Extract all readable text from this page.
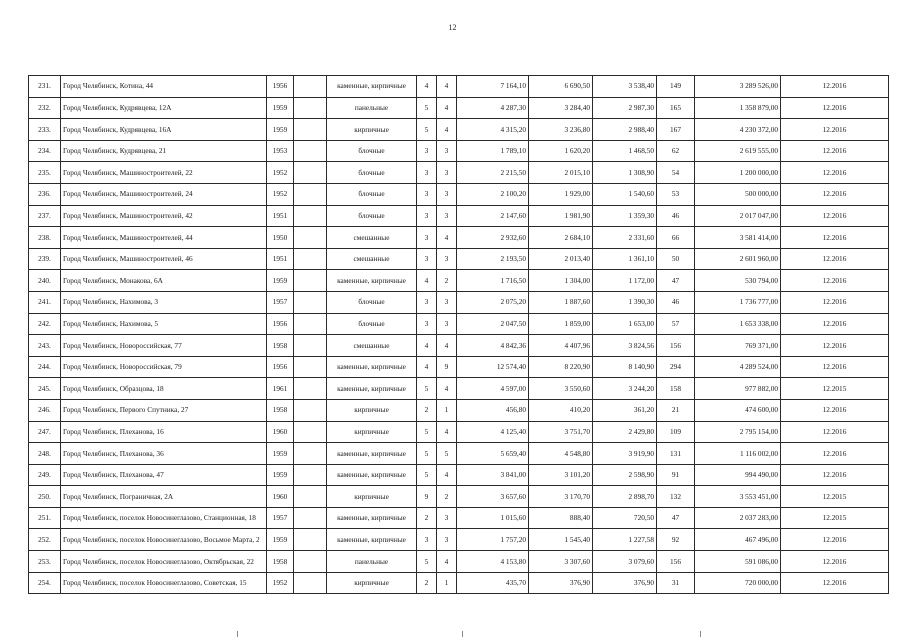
12
231.	Город Челябинск, Котина, 44	1956		каменные, кирпичные	4	4	7 164,10	6 690,50	3 538,40	149	3 289 526,00	12.2016
232.	Город Челябинск, Кудрявцева, 12А	1959		панельные	5	4	4 287,30	3 284,40	2 987,30	165	1 358 879,00	12.2016
233.	Город Челябинск, Кудрявцева, 16А	1959		кирпичные	5	4	4 315,20	3 236,80	2 988,40	167	4 230 372,00	12.2016
234.	Город Челябинск, Кудрявцева, 21	1953		блочные	3	3	1 789,10	1 620,20	1 468,50	62	2 619 555,00	12.2016
235.	Город Челябинск, Машиностроителей, 22	1952		блочные	3	3	2 215,50	2 015,10	1 308,90	54	1 200 000,00	12.2016
236.	Город Челябинск, Машиностроителей, 24	1952		блочные	3	3	2 100,20	1 929,00	1 540,60	53	500 000,00	12.2016
237.	Город Челябинск, Машиностроителей, 42	1951		блочные	3	3	2 147,60	1 981,90	1 359,30	46	2 017 047,00	12.2016
238.	Город Челябинск, Машиностроителей, 44	1950		смешанные	3	4	2 932,60	2 684,10	2 331,60	66	3 581 414,00	12.2016
239.	Город Челябинск, Машиностроителей, 46	1951		смешанные	3	3	2 193,50	2 013,40	1 361,10	50	2 601 960,00	12.2016
240.	Город Челябинск, Монакова, 6А	1959		каменные, кирпичные	4	2	1 716,50	1 304,00	1 172,00	47	530 794,00	12.2016
241.	Город Челябинск, Нахимова, 3	1957		блочные	3	3	2 075,20	1 887,60	1 390,30	46	1 736 777,00	12.2016
242.	Город Челябинск, Нахимова, 5	1956		блочные	3	3	2 047,50	1 859,00	1 653,00	57	1 653 338,00	12.2016
243.	Город Челябинск, Новороссийская, 77	1958		смешанные	4	4	4 842,36	4 407,96	3 824,56	156	769 371,00	12.2016
244.	Город Челябинск, Новороссийская, 79	1956		каменные, кирпичные	4	9	12 574,40	8 220,90	8 140,90	294	4 289 524,00	12.2016
245.	Город Челябинск, Образцова, 18	1961		каменные, кирпичные	5	4	4 597,00	3 550,60	3 244,20	158	977 882,00	12.2015
246.	Город Челябинск, Первого Спутника, 27	1958		кирпичные	2	1	456,80	410,20	361,20	21	474 600,00	12.2016
247.	Город Челябинск, Плеханова, 16	1960		кирпичные	5	4	4 125,40	3 751,70	2 429,80	109	2 795 154,00	12.2016
248.	Город Челябинск, Плеханова, 36	1959		каменные, кирпичные	5	5	5 659,40	4 548,80	3 919,90	131	1 116 002,00	12.2016
249.	Город Челябинск, Плеханова, 47	1959		каменные, кирпичные	5	4	3 841,00	3 101,20	2 598,90	91	994 490,00	12.2016
250.	Город Челябинск, Пограничная, 2А	1960		кирпичные	9	2	3 657,60	3 170,70	2 898,70	132	3 553 451,00	12.2015
251.	Город Челябинск, поселок Новосинеглазово, Станционная, 18	1957		каменные, кирпичные	2	3	1 015,60	888,40	720,50	47	2 037 283,00	12.2015
252.	Город Челябинск, поселок Новосинеглазово, Восьмое Марта, 2	1959		каменные, кирпичные	3	3	1 757,20	1 545,40	1 227,58	92	467 496,00	12.2016
253.	Город Челябинск, поселок Новосинеглазово, Октябрьская, 22	1958		панельные	5	4	4 153,80	3 307,60	3 079,60	156	591 086,00	12.2016
254.	Город Челябинск, поселок Новосинеглазово, Советская, 15	1952		кирпичные	2	1	435,70	376,90	376,90	31	720 000,00	12.2016
